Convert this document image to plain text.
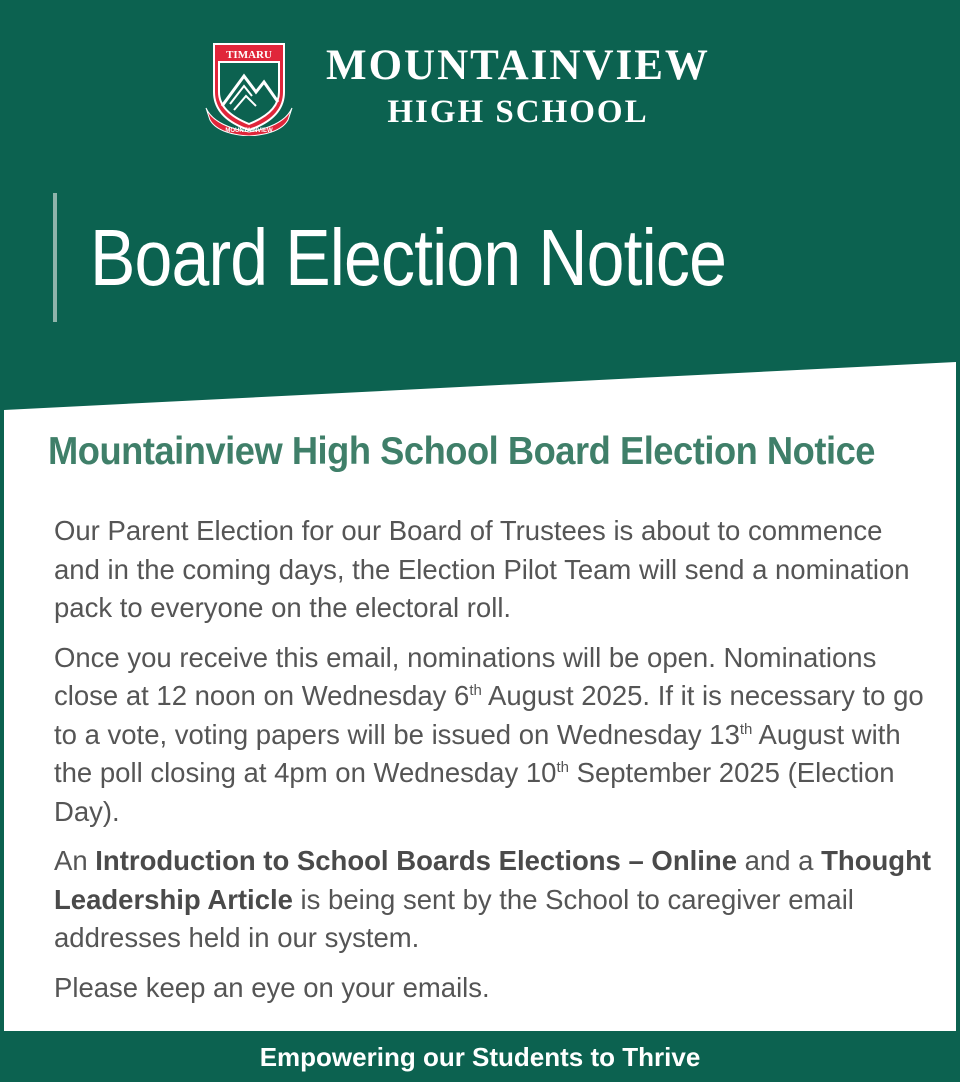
TIMARU
MOUNTAINVIEW
MOUNTAINVIEW
HIGH SCHOOL
Board Election Notice
Mountainview High School Board Election Notice

Our Parent Election for our Board of Trustees is about to commence and in the coming days, the Election Pilot Team will send a nomination pack to everyone on the electoral roll.

Once you receive this email, nominations will be open. Nominations close at 12 noon on Wednesday 6th August 2025. If it is necessary to go to a vote, voting papers will be issued on Wednesday 13th August with the poll closing at 4pm on Wednesday 10th September 2025 (Election Day).

An Introduction to School Boards Elections – Online and a Thought Leadership Article is being sent by the School to caregiver email addresses held in our system.

Please keep an eye on your emails.

Empowering our Students to Thrive
